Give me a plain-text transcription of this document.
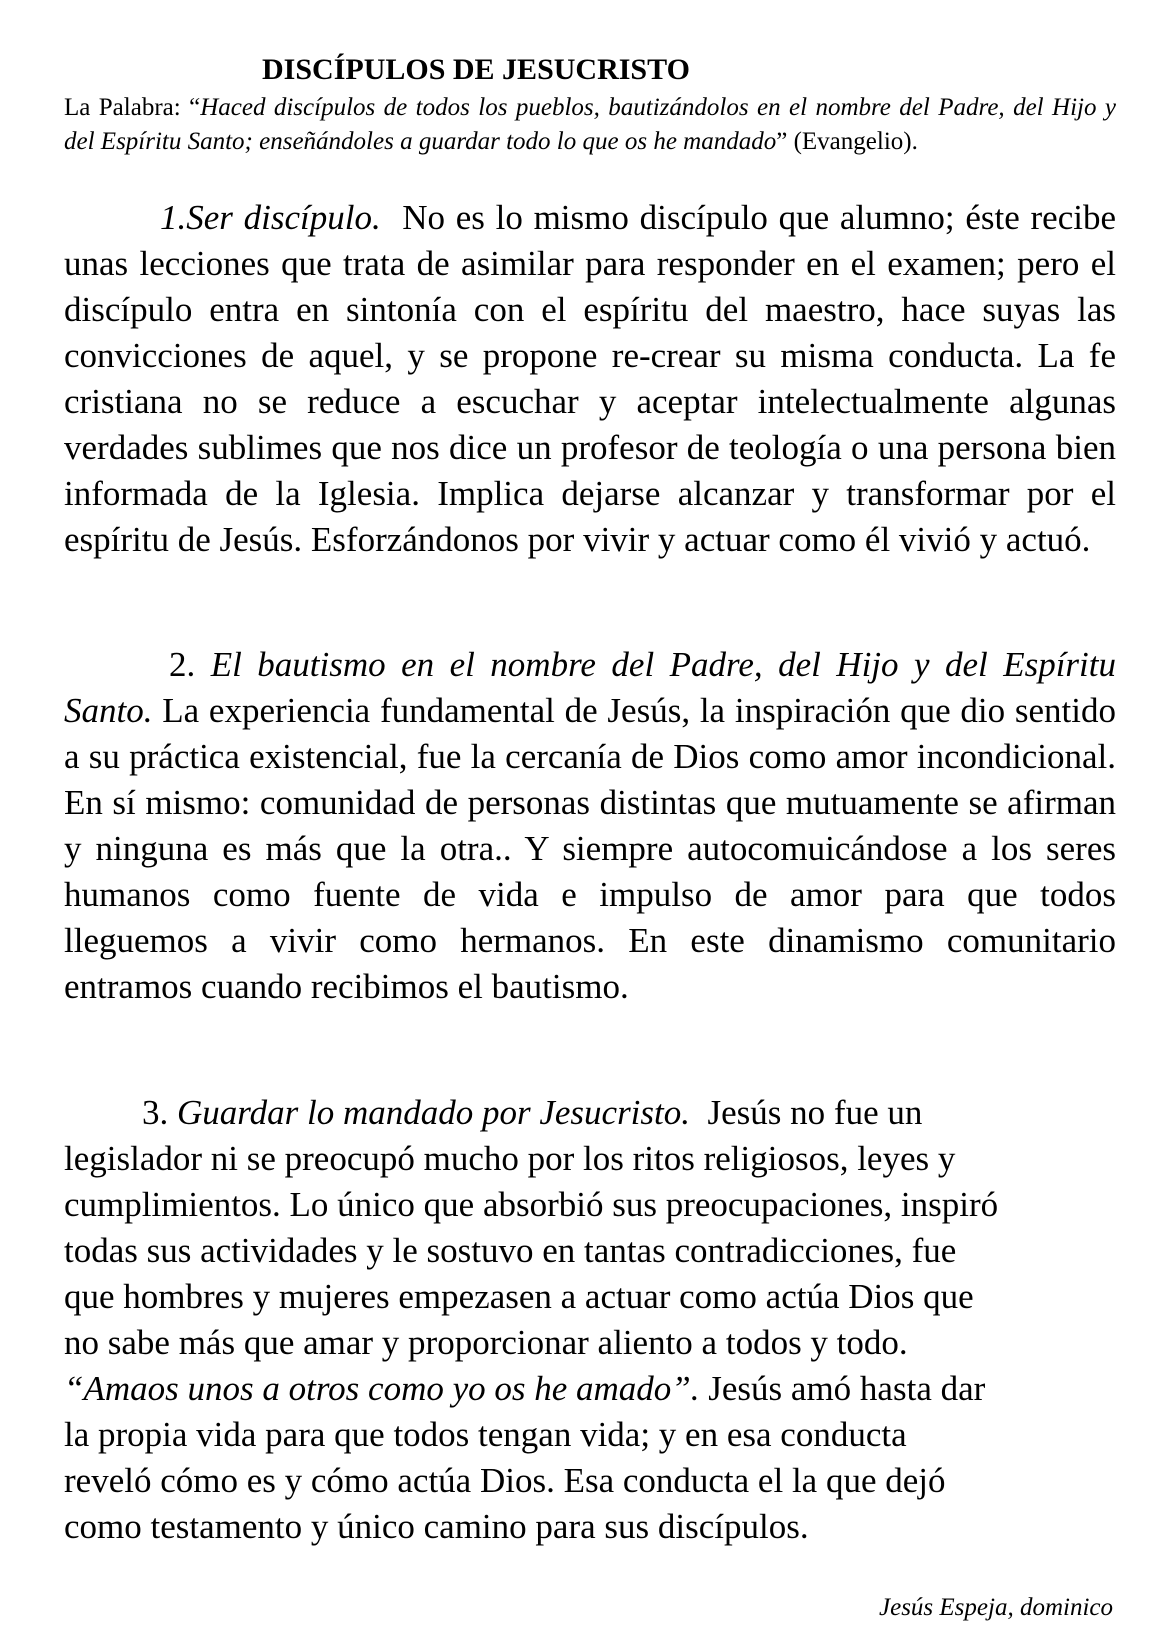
DISCÍPULOS DE JESUCRISTO
La Palabra: “Haced discípulos de todos los pueblos, bautizándolos en el nombre del Padre, del Hijo y del Espíritu Santo; enseñándoles a guardar todo lo que os he mandado” (Evangelio).
1.Ser discípulo. No es lo mismo discípulo que alumno; éste recibe unas lecciones que trata de asimilar para responder en el examen; pero el discípulo entra en sintonía con el espíritu del maestro, hace suyas las convicciones de aquel, y se propone re-crear su misma conducta. La fe cristiana no se reduce a escuchar y aceptar intelectualmente algunas verdades sublimes que nos dice un profesor de teología o una persona bien informada de la Iglesia. Implica dejarse alcanzar y transformar por el espíritu de Jesús. Esforzándonos por vivir y actuar como él vivió y actuó.
2. El bautismo en el nombre del Padre, del Hijo y del Espíritu Santo. La experiencia fundamental de Jesús, la inspiración que dio sentido a su práctica existencial, fue la cercanía de Dios como amor incondicional. En sí mismo: comunidad de personas distintas que mutuamente se afirman y ninguna es más que la otra.. Y siempre autocomuicándose a los seres humanos como fuente de vida e impulso de amor para que todos lleguemos a vivir como hermanos. En este dinamismo comunitario entramos cuando recibimos el bautismo.
3. Guardar lo mandado por Jesucristo. Jesús no fue un
legislador ni se preocupó mucho por los ritos religiosos, leyes y
cumplimientos. Lo único que absorbió sus preocupaciones, inspiró
todas sus actividades y le sostuvo en tantas contradicciones, fue
que hombres y mujeres empezasen a actuar como actúa Dios que
no sabe más que amar y proporcionar aliento a todos y todo.
“Amaos unos a otros como yo os he amado”. Jesús amó hasta dar
la propia vida para que todos tengan vida; y en esa conducta
reveló cómo es y cómo actúa Dios. Esa conducta el la que dejó
como testamento y único camino para sus discípulos.
Jesús Espeja, dominico
